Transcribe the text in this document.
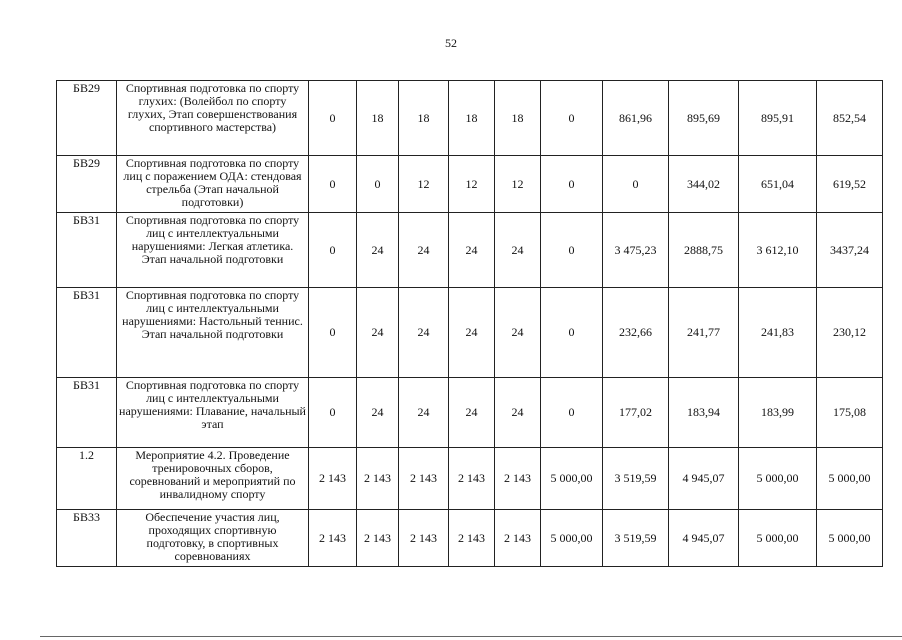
52
БВ29	Спортивная подготовка по спорту глухих: (Волейбол по спорту глухих, Этап совершенствования спортивного мастерства)	0	18	18	18	18	0	861,96	895,69	895,91	852,54
БВ29	Спортивная подготовка по спорту лиц с поражением ОДА: стендовая стрельба (Этап начальной подготовки)	0	0	12	12	12	0	0	344,02	651,04	619,52
БВ31	Спортивная подготовка по спорту лиц с интеллектуальными нарушениями: Легкая атлетика. Этап начальной подготовки	0	24	24	24	24	0	3 475,23	2888,75	3 612,10	3437,24
БВ31	Спортивная подготовка по спорту лиц с интеллектуальными нарушениями: Настольный теннис. Этап начальной подготовки	0	24	24	24	24	0	232,66	241,77	241,83	230,12
БВ31	Спортивная подготовка по спорту лиц с интеллектуальными нарушениями: Плавание, начальный этап	0	24	24	24	24	0	177,02	183,94	183,99	175,08
1.2	Мероприятие 4.2. Проведение тренировочных сборов, соревнований и мероприятий по инвалидному спорту	2 143	2 143	2 143	2 143	2 143	5 000,00	3 519,59	4 945,07	5 000,00	5 000,00
БВ33	Обеспечение участия лиц, проходящих спортивную подготовку, в спортивных соревнованиях	2 143	2 143	2 143	2 143	2 143	5 000,00	3 519,59	4 945,07	5 000,00	5 000,00
